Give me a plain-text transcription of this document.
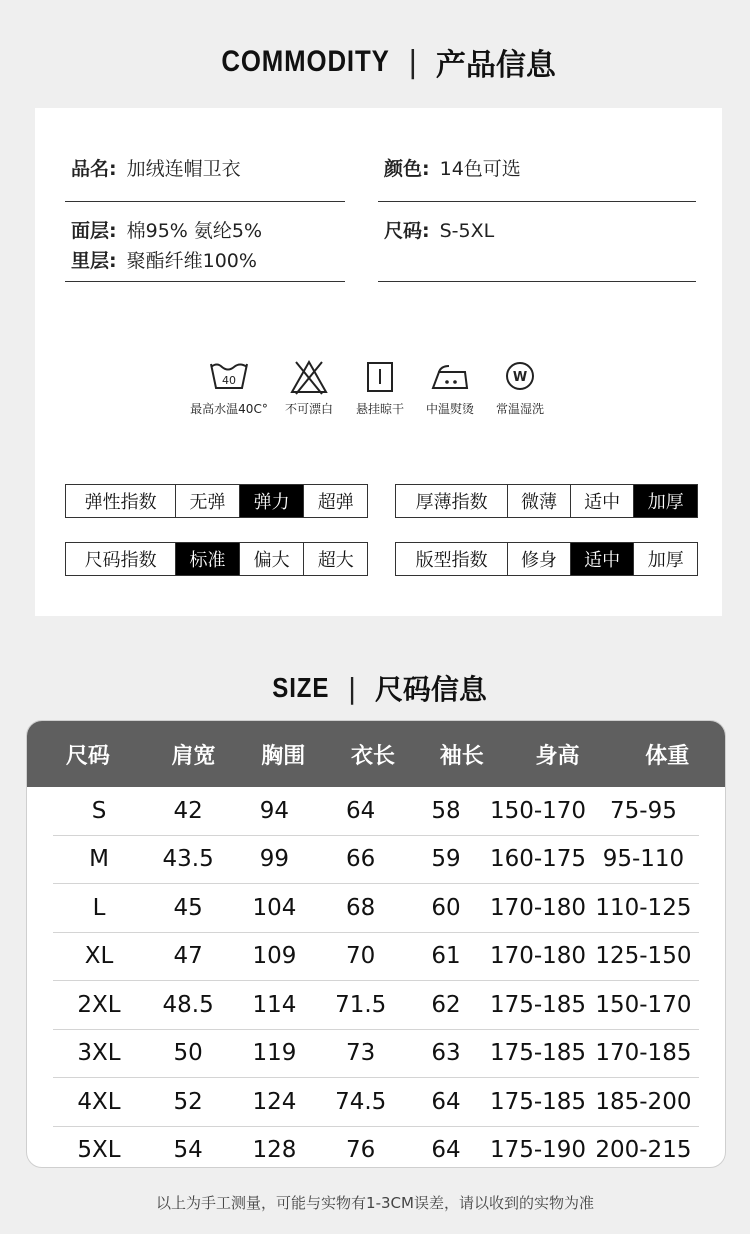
COMMODITY | 产品信息
品名: 加绒连帽卫衣	颜色: 14色可选
面层: 棉95% 氨纶5%
里层: 聚酯纤维100%
尺码: S-5XL
40
最高水温40C° 不可漂白 悬挂晾干 中温熨烫
W
常温湿洗
弹性指数	无弹	弹力	超弹	厚薄指数	微薄	适中	加厚
尺码指数	标准	偏大	超大	版型指数	修身	适中	加厚
SIZE | 尺码信息
尺码	肩宽	胸围	衣长	袖长	身高	体重
S	42	94	64	58	150-170	75-95
M	43.5	99	66	59	160-175 95-110
L	45	104	68	60	170-180 110-125
XL	47	109	70	61	170-180 125-150
2XL	48.5	114	71.5	62	175-185 150-170
3XL	50	119	73	63	175-185 170-185
4XL	52	124	74.5	64	175-185 185-200
5XL	54	128	76	64	175-190 200-215
以上为手工测量，可能与实物有1-3CM误差，请以收到的实物为准
